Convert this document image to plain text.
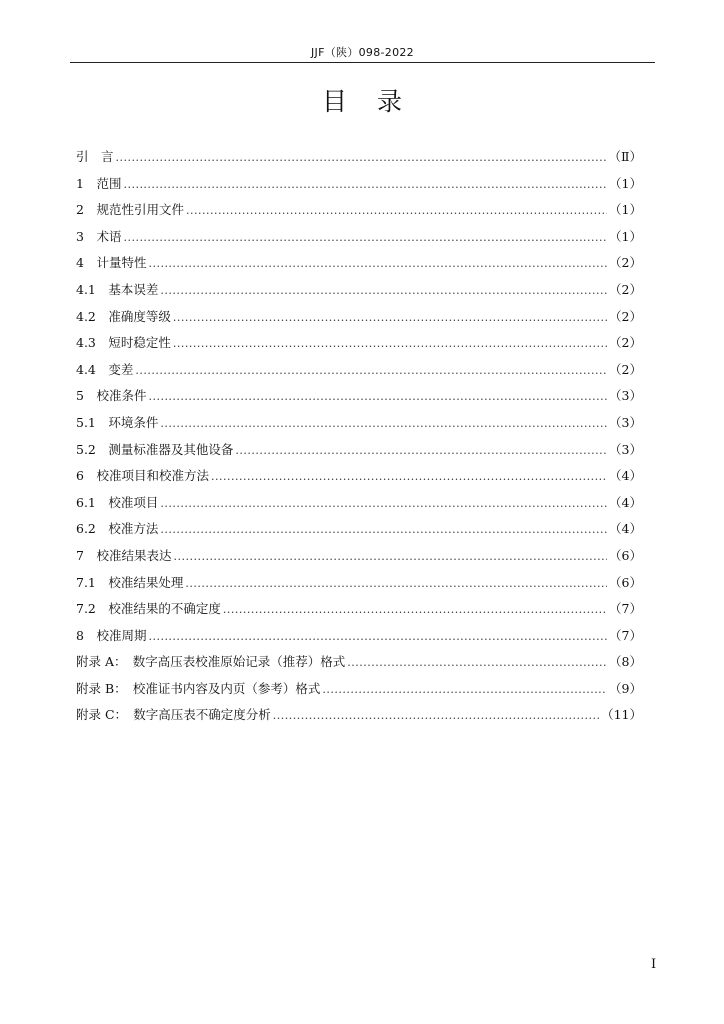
JJF（陕）098-2022
目录
引　言 .....	（Ⅱ）
1　范围 .....	（1）
2　规范性引用文件 .....	（1）
3　术语 .....	（1）
4　计量特性 .....	（2）
4.1　基本误差 .....	（2）
4.2　准确度等级 .....	（2）
4.3　短时稳定性 .....	（2）
4.4　变差 .....	（2）
5　校准条件 .....	（3）
5.1　环境条件 .....	（3）
5.2　测量标准器及其他设备 .....	（3）
6　校准项目和校准方法 .....	（4）
6.1　校准项目 .....	（4）
6.2　校准方法 .....	（4）
7　校准结果表达 .....	（6）
7.1　校准结果处理 .....	（6）
7.2　校准结果的不确定度 .....	（7）
8　校准周期 .....	（7）
附录 A：　数字高压表校准原始记录（推荐）格式 .....	（8）
附录 B：　校准证书内容及内页（参考）格式 .....	（9）
附录 C：　数字高压表不确定度分析 .....	（11）
I
